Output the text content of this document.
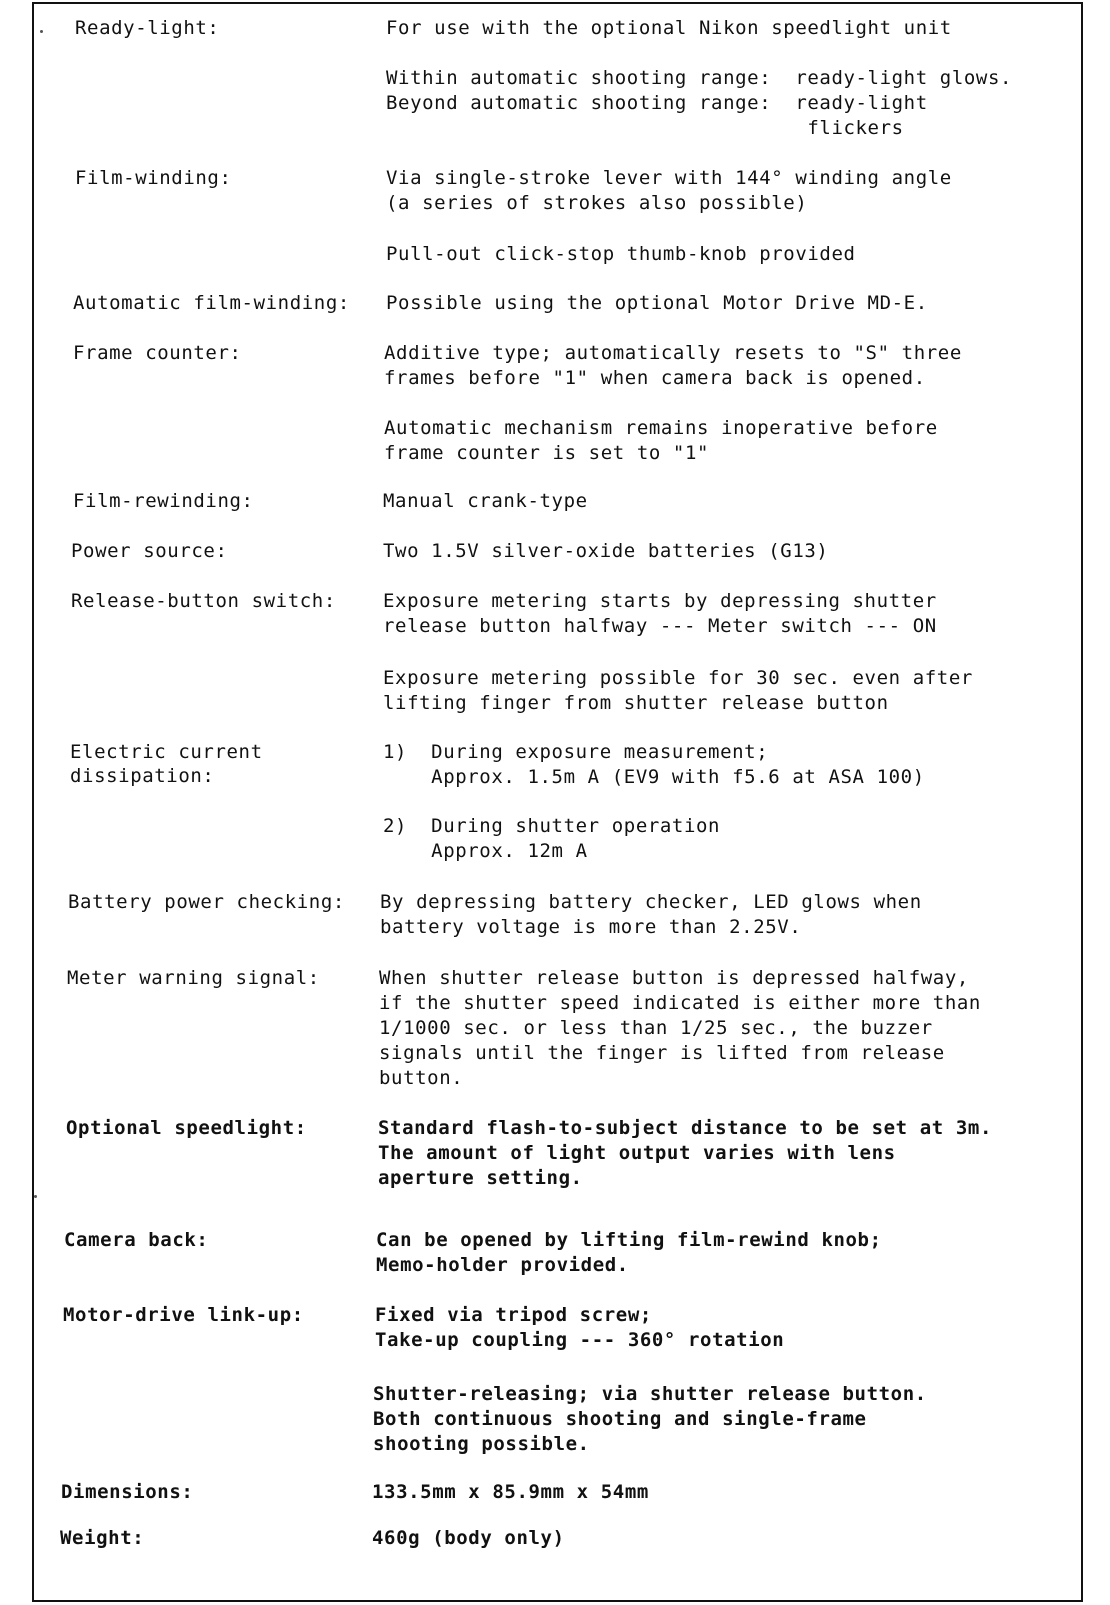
Ready-light:	For use with the optional Nikon speedlight unit
Within automatic shooting range:  ready-light glows.
Beyond automatic shooting range:  ready-light
flickers
Film-winding:	Via single-stroke lever with 144° winding angle
(a series of strokes also possible)
Pull-out click-stop thumb-knob provided
Automatic film-winding: Possible using the optional Motor Drive MD-E.
Frame counter:	Additive type; automatically resets to "S" three
frames before "1" when camera back is opened.
Automatic mechanism remains inoperative before
frame counter is set to "1"
Film-rewinding:	Manual crank-type
Power source:	Two 1.5V silver-oxide batteries (G13)
Release-button switch: Exposure metering starts by depressing shutter
release button halfway --- Meter switch --- ON
Exposure metering possible for 30 sec. even after
lifting finger from shutter release button
Electric current
dissipation:
1)  During exposure measurement;
Approx. 1.5m A (EV9 with f5.6 at ASA 100)
2)  During shutter operation
Approx. 12m A
Battery power checking: By depressing battery checker, LED glows when
battery voltage is more than 2.25V.
Meter warning signal:	When shutter release button is depressed halfway,
if the shutter speed indicated is either more than
1/1000 sec. or less than 1/25 sec., the buzzer
signals until the finger is lifted from release
button.
Optional speedlight:	Standard flash-to-subject distance to be set at 3m.
The amount of light output varies with lens
aperture setting.
Camera back:	Can be opened by lifting film-rewind knob;
Memo-holder provided.
Motor-drive link-up:	Fixed via tripod screw;
Take-up coupling --- 360° rotation
Shutter-releasing; via shutter release button.
Both continuous shooting and single-frame
shooting possible.
Dimensions:	133.5mm x 85.9mm x 54mm
Weight:	460g (body only)
